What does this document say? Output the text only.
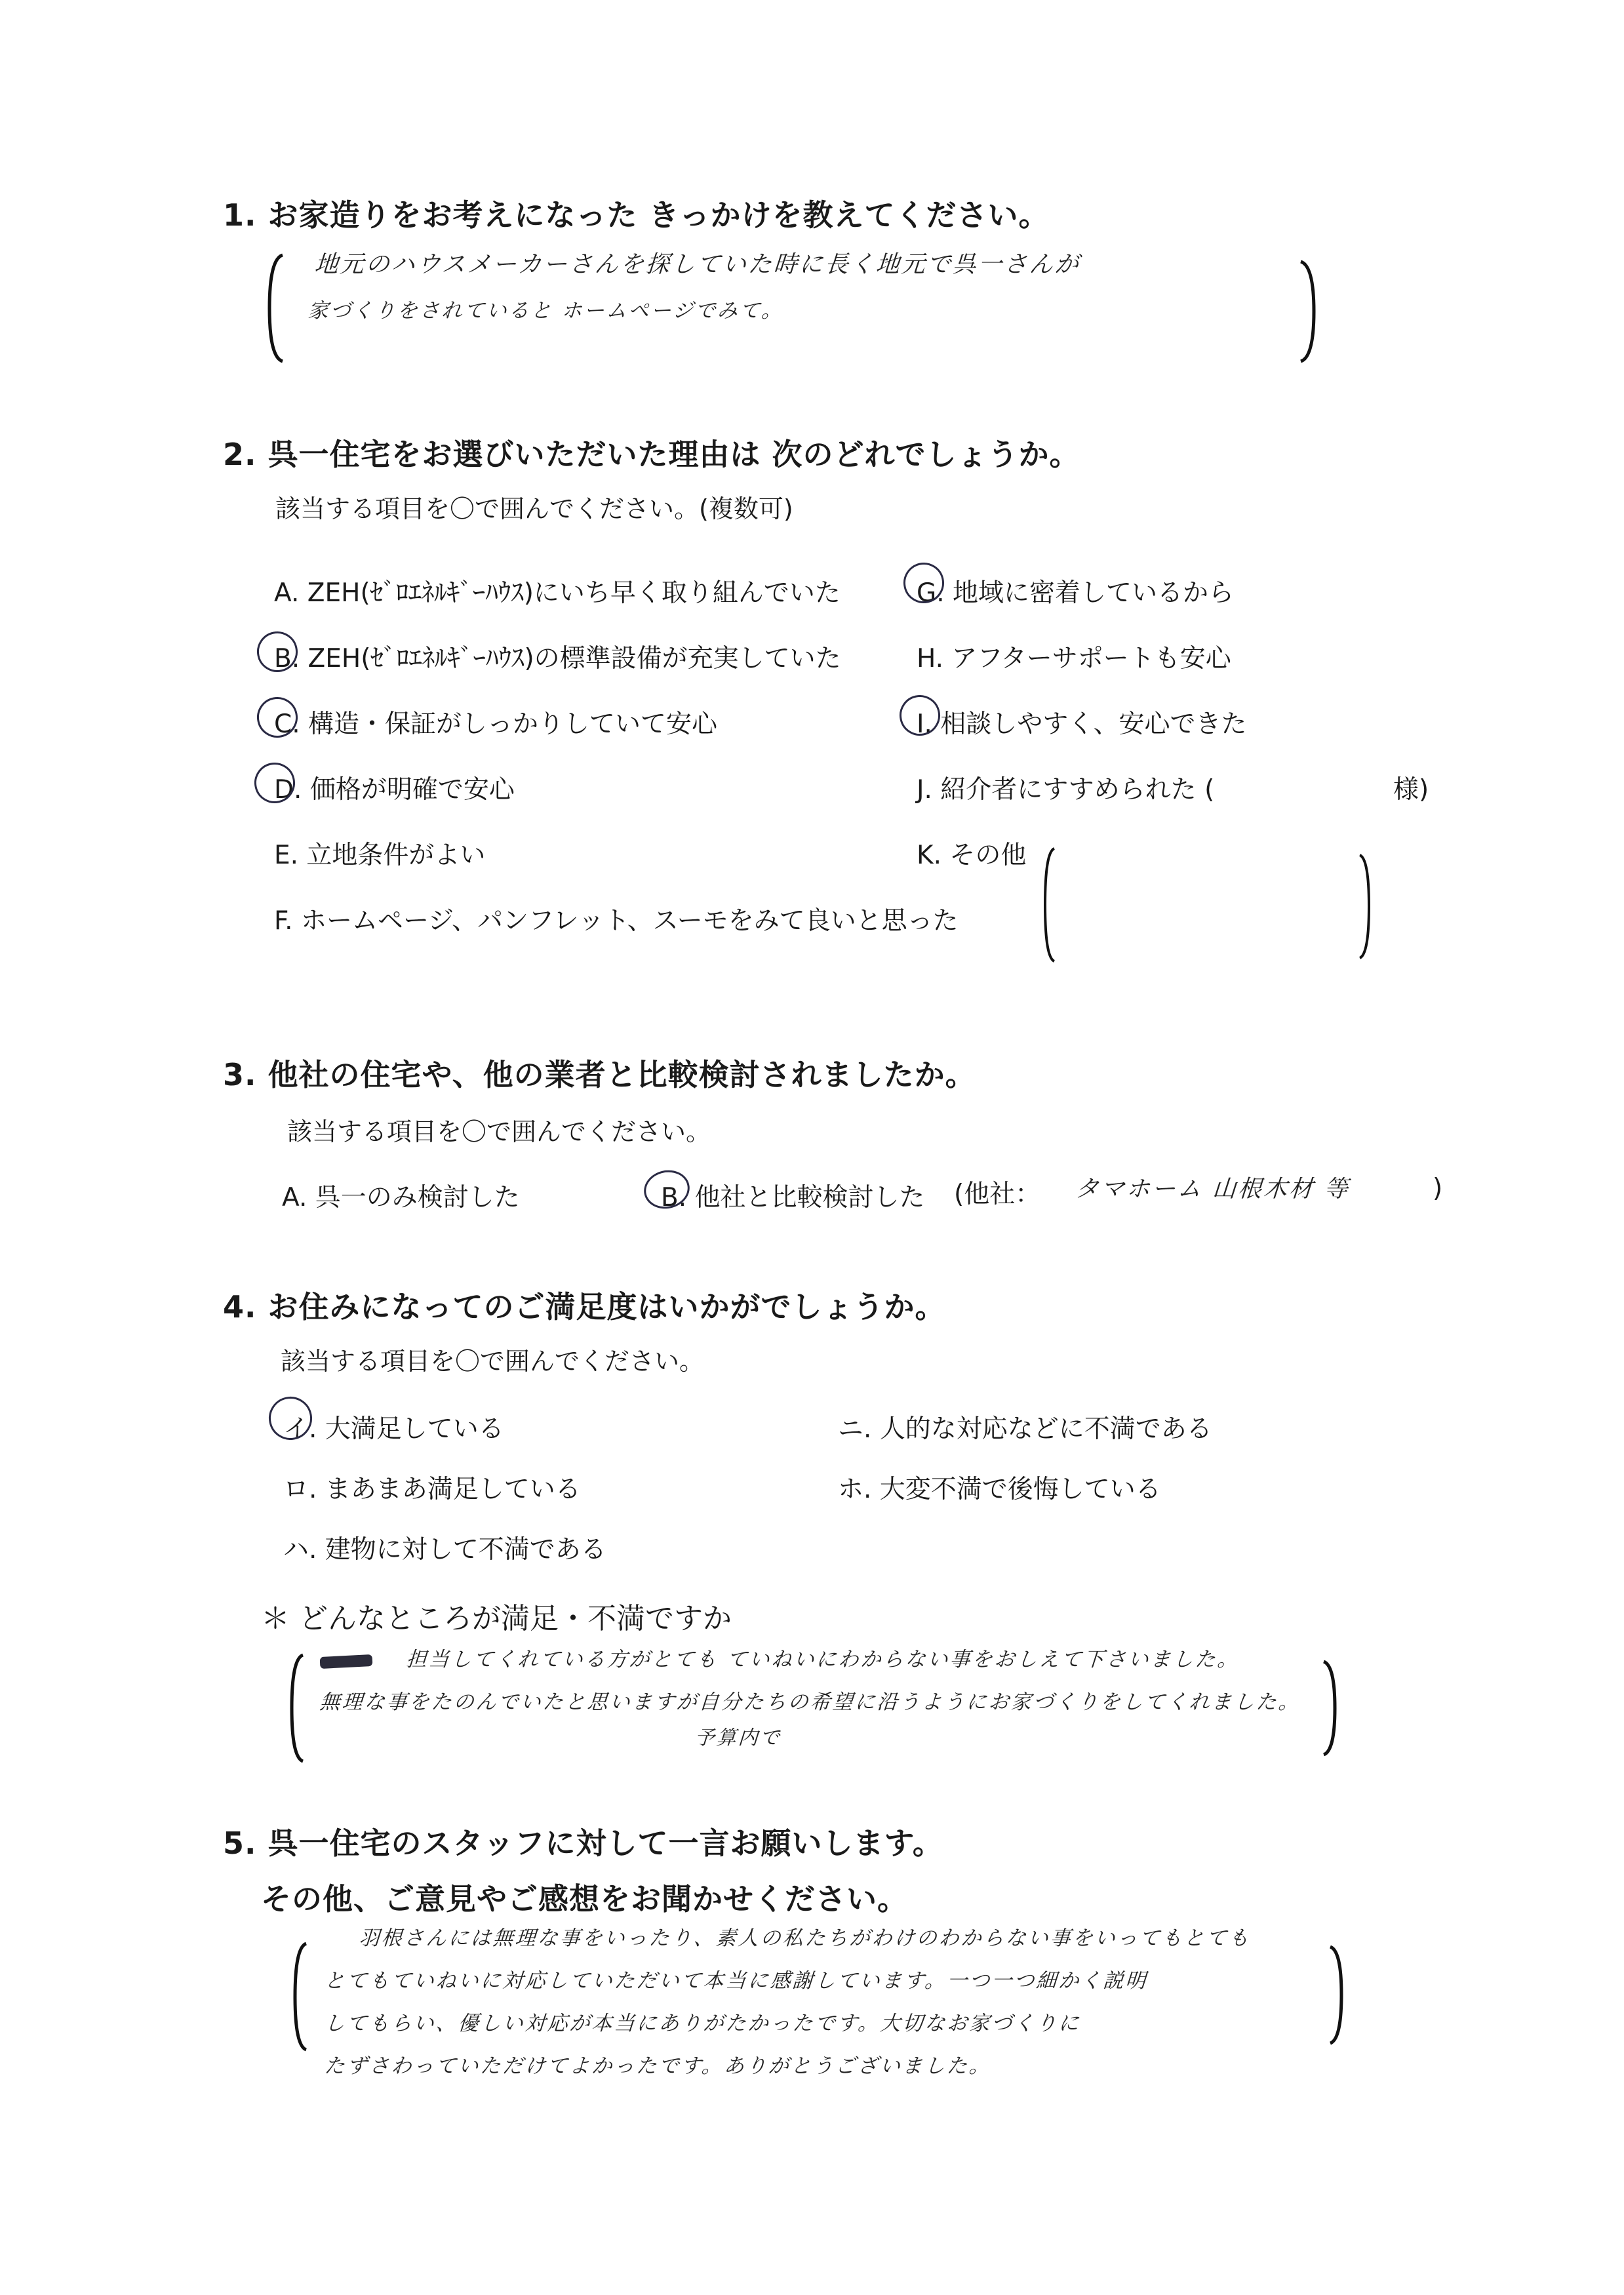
1. お家造りをお考えになった きっかけを教えてください。
地元のハウスメーカーさんを探していた時に長く地元で呉一さんが
家づくりをされていると ホームページでみて。
2. 呉一住宅をお選びいただいた理由は 次のどれでしょうか。
該当する項目を〇で囲んでください。(複数可)
A. ZEH(ｾﾞﾛｴﾈﾙｷﾞｰﾊｳｽ)にいち早く取り組んでいた
B. ZEH(ｾﾞﾛｴﾈﾙｷﾞｰﾊｳｽ)の標準設備が充実していた
C. 構造・保証がしっかりしていて安心
D. 価格が明確で安心
E. 立地条件がよい
F. ホームページ、パンフレット、スーモをみて良いと思った
G. 地域に密着しているから
H. アフターサポートも安心
I. 相談しやすく、安心できた
J. 紹介者にすすめられた (	様)
K. その他
3. 他社の住宅や、他の業者と比較検討されましたか。
該当する項目を〇で囲んでください。
A. 呉一のみ検討した	B. 他社と比較検討した (他社： タマホーム 山根木材 等	)
4. お住みになってのご満足度はいかがでしょうか。
該当する項目を〇で囲んでください。
イ. 大満足している
ロ. まあまあ満足している
ハ. 建物に対して不満である
ニ. 人的な対応などに不満である
ホ. 大変不満で後悔している
＊ どんなところが満足・不満ですか
担当してくれている方がとても ていねいにわからない事をおしえて下さいました。
無理な事をたのんでいたと思いますが自分たちの希望に沿うようにお家づくりをしてくれました。
予算内で
5. 呉一住宅のスタッフに対して一言お願いします。
その他、ご意見やご感想をお聞かせください。
羽根さんには無理な事をいったり、素人の私たちがわけのわからない事をいってもとても
とてもていねいに対応していただいて本当に感謝しています。一つ一つ細かく説明
してもらい、優しい対応が本当にありがたかったです。大切なお家づくりに
たずさわっていただけてよかったです。ありがとうございました。
